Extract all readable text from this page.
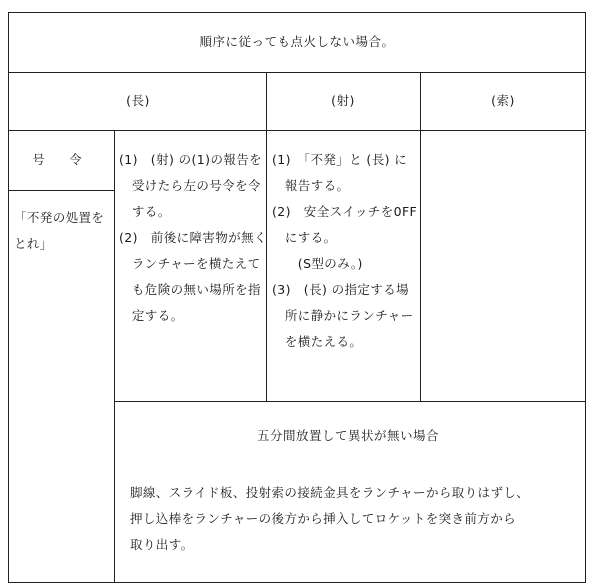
順序に従っても点火しない場合。
(長)	(射)	(索)
号　令
「不発の処置を
とれ」
(1)　(射) の(1)の報告を
　受けたら左の号令を令
　する。
(2)　前後に障害物が無く
　ランチャーを横たえて
　も危険の無い場所を指
　定する。
(1)　「不発」と (長) に
　報告する。
(2)　安全スイッチを0FF
　にする。
　　(S型のみ。)
(3)　(長) の指定する場
　所に静かにランチャー
　を横たえる。
五分間放置して異状が無い場合
脚線、スライド板、投射索の接続金具をランチャーから取りはずし、
押し込棒をランチャーの後方から挿入してロケットを突き前方から
取り出す。
